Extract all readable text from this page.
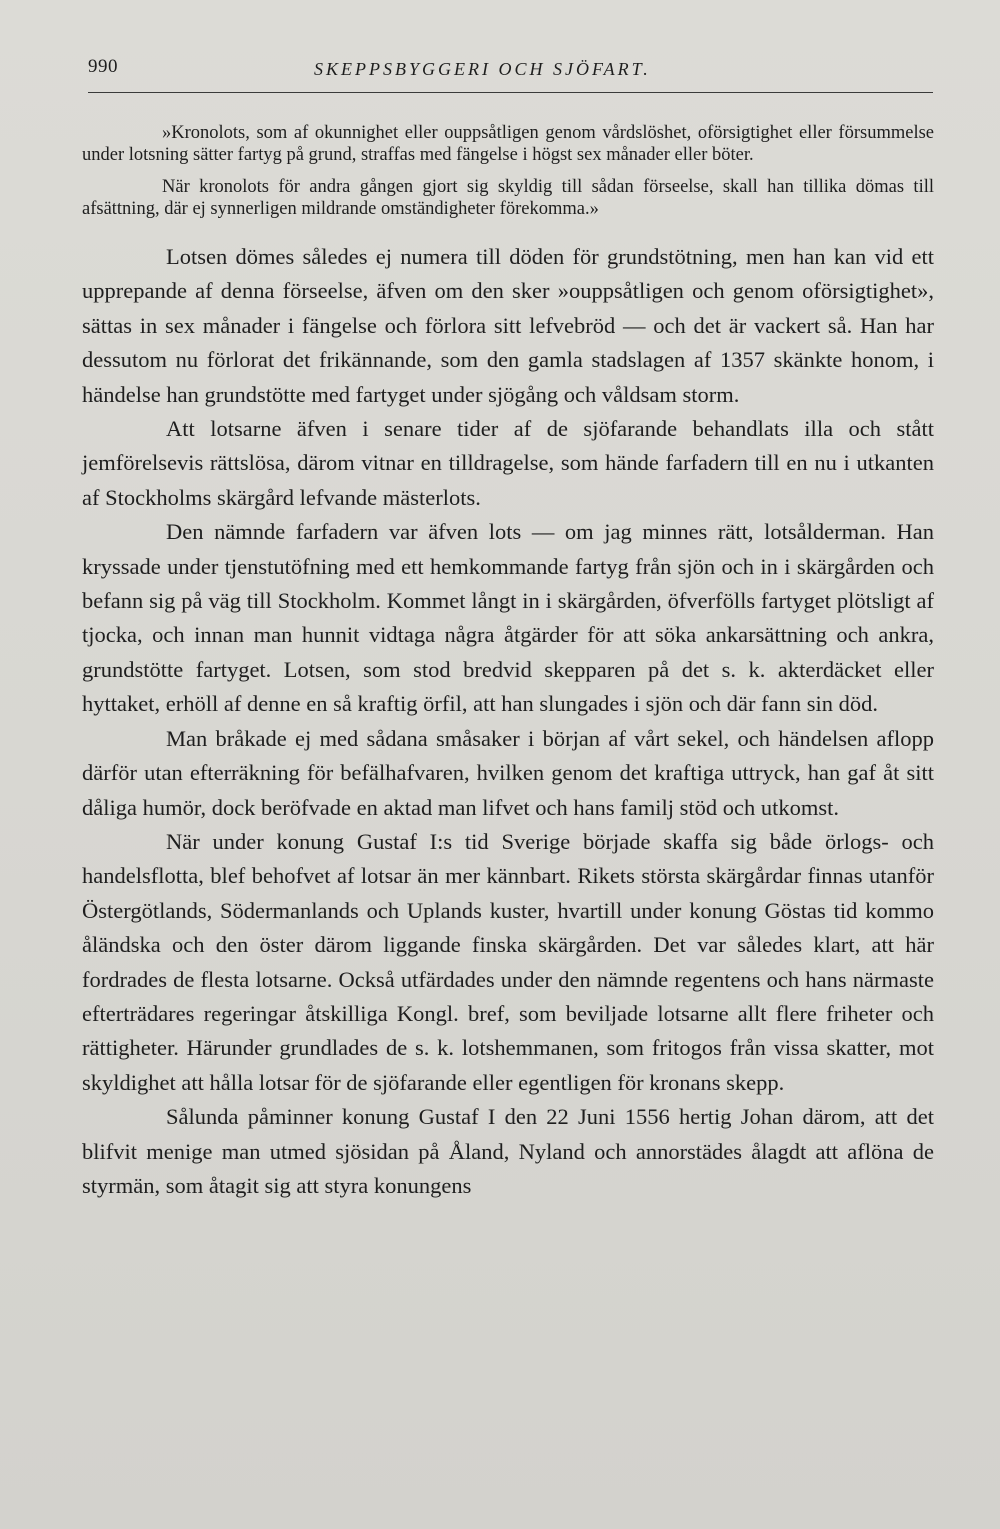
990	SKEPPSBYGGERI OCH SJÖFART.

»Kronolots, som af okunnighet eller ouppsåtligen genom vårdslöshet, oförsigtighet eller försummelse under lotsning sätter fartyg på grund, straffas med fängelse i högst sex månader eller böter.

När kronolots för andra gången gjort sig skyldig till sådan förseelse, skall han tillika dömas till afsättning, där ej synnerligen mildrande omständigheter förekomma.»

Lotsen dömes således ej numera till döden för grundstötning, men han kan vid ett upprepande af denna förseelse, äfven om den sker »ouppsåtligen och genom oförsigtighet», sättas in sex månader i fängelse och förlora sitt lefvebröd — och det är vackert så. Han har dessutom nu förlorat det frikännande, som den gamla stadslagen af 1357 skänkte honom, i händelse han grundstötte med fartyget under sjögång och våldsam storm.

Att lotsarne äfven i senare tider af de sjöfarande behandlats illa och stått jemförelsevis rättslösa, därom vitnar en tilldragelse, som hände farfadern till en nu i utkanten af Stockholms skärgård lefvande mästerlots.

Den nämnde farfadern var äfven lots — om jag minnes rätt, lotsålderman. Han kryssade under tjenstutöfning med ett hemkommande fartyg från sjön och in i skärgården och befann sig på väg till Stockholm. Kommet långt in i skärgården, öfverfölls fartyget plötsligt af tjocka, och innan man hunnit vidtaga några åtgärder för att söka ankarsättning och ankra, grundstötte fartyget. Lotsen, som stod bredvid skepparen på det s. k. akterdäcket eller hyttaket, erhöll af denne en så kraftig örfil, att han slungades i sjön och där fann sin död.

Man bråkade ej med sådana småsaker i början af vårt sekel, och händelsen aflopp därför utan efterräkning för befälhafvaren, hvilken genom det kraftiga uttryck, han gaf åt sitt dåliga humör, dock beröfvade en aktad man lifvet och hans familj stöd och utkomst.

När under konung Gustaf I:s tid Sverige började skaffa sig både örlogs- och handelsflotta, blef behofvet af lotsar än mer kännbart. Rikets största skärgårdar finnas utanför Östergötlands, Södermanlands och Uplands kuster, hvartill under konung Göstas tid kommo åländska och den öster därom liggande finska skärgården. Det var således klart, att här fordrades de flesta lotsarne. Också utfärdades under den nämnde regentens och hans närmaste efterträdares regeringar åtskilliga Kongl. bref, som beviljade lotsarne allt flere friheter och rättigheter. Härunder grundlades de s. k. lotshemmanen, som fritogos från vissa skatter, mot skyldighet att hålla lotsar för de sjöfarande eller egentligen för kronans skepp.

Sålunda påminner konung Gustaf I den 22 Juni 1556 hertig Johan därom, att det blifvit menige man utmed sjösidan på Åland, Nyland och annorstädes ålagdt att aflöna de styrmän, som åtagit sig att styra konungens
